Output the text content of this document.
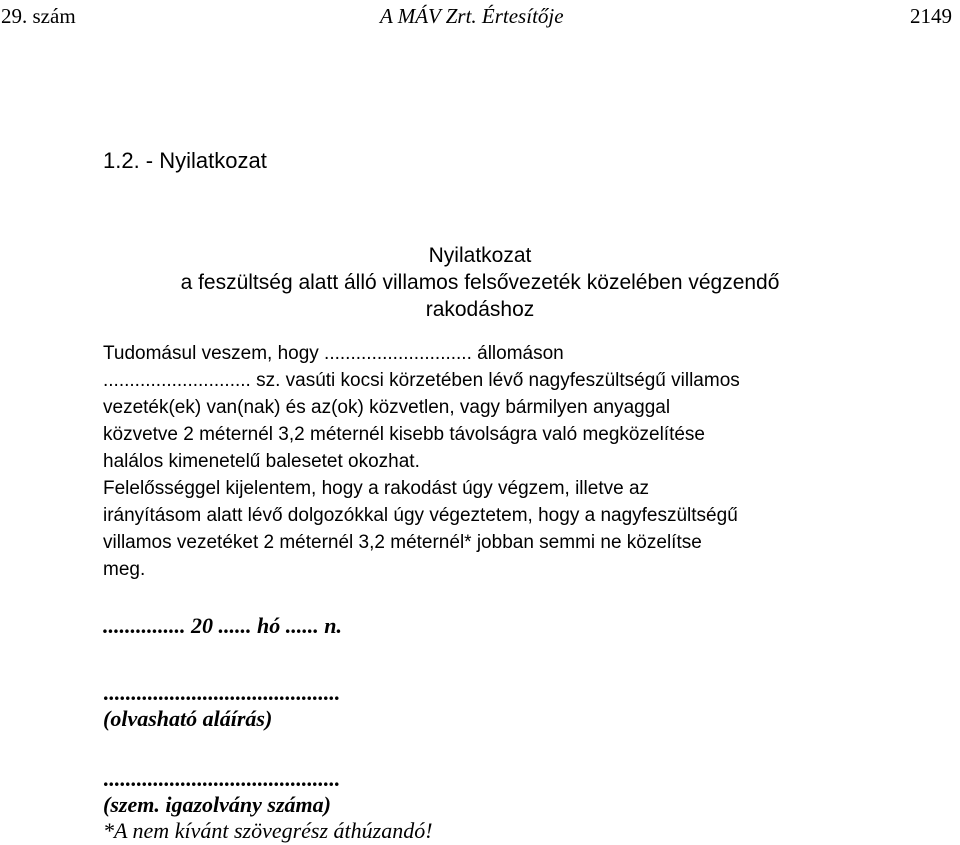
29. szám	A MÁV Zrt. Értesítője	2149
1.2. - Nyilatkozat
Nyilatkozat
a feszültség alatt álló villamos felsővezeték közelében végzendő
rakodáshoz
Tudomásul veszem, hogy ............................ állomáson
............................ sz. vasúti kocsi körzetében lévő nagyfeszültségű villamos
vezeték(ek) van(nak) és az(ok) közvetlen, vagy bármilyen anyaggal
közvetve 2 méternél 3,2 méternél kisebb távolságra való megközelítése
halálos kimenetelű balesetet okozhat.
Felelősséggel kijelentem, hogy a rakodást úgy végzem, illetve az
irányításom alatt lévő dolgozókkal úgy végeztetem, hogy a nagyfeszültségű
villamos vezetéket 2 méternél 3,2 méternél* jobban semmi ne közelítse
meg.
............... 20 ...... hó ...... n.
...........................................
(olvasható aláírás)
...........................................
(szem. igazolvány száma)
*A nem kívánt szövegrész áthúzandó!
